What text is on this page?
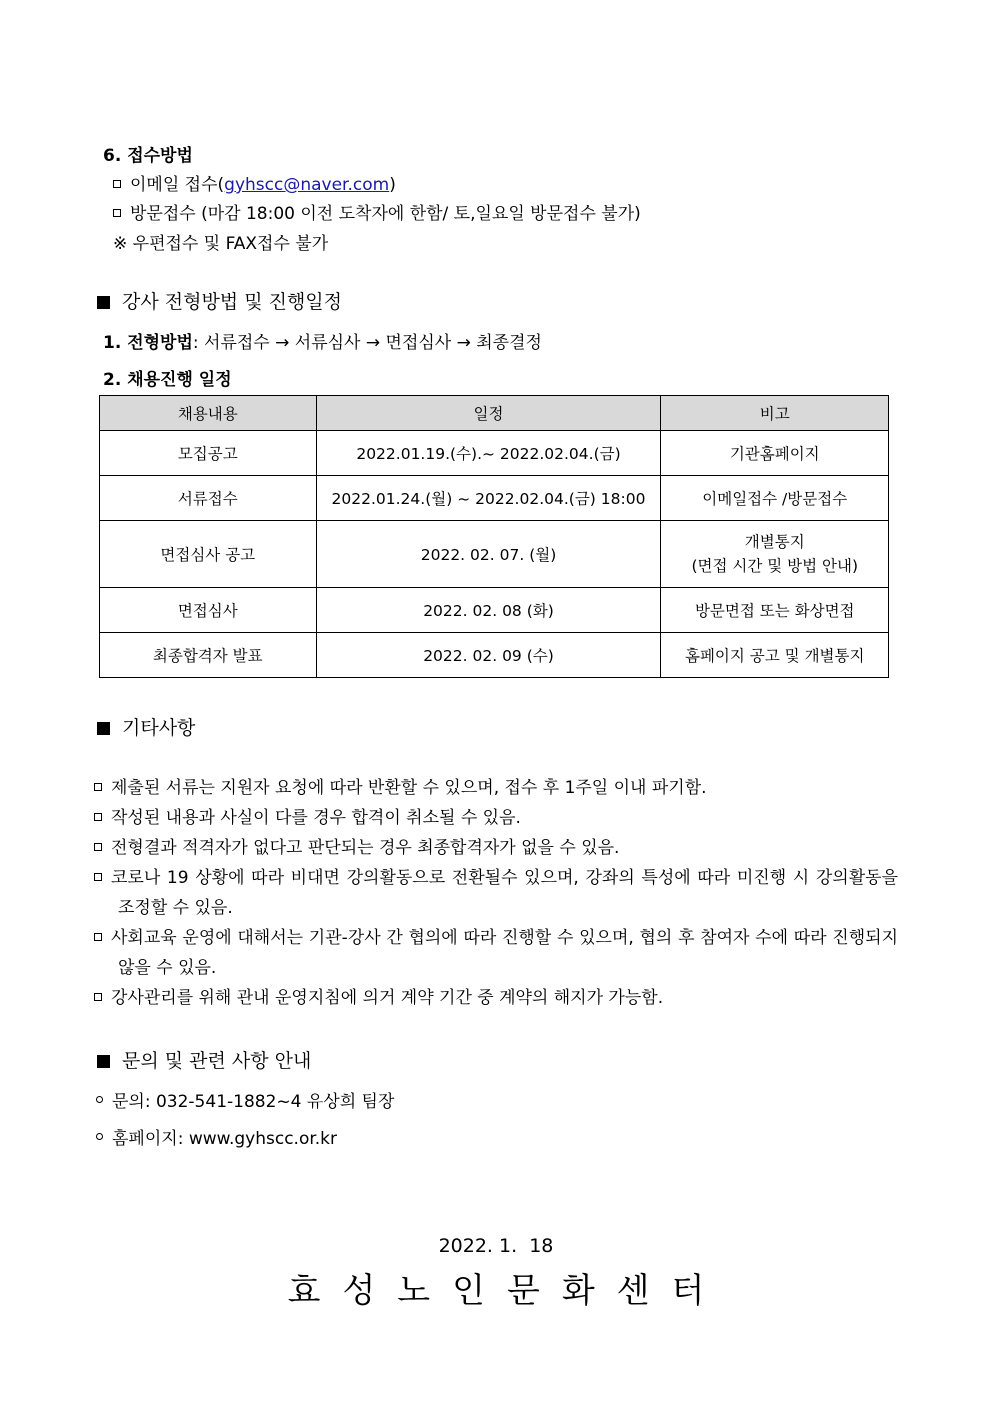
6. 접수방법
이메일 접수(gyhscc@naver.com)
방문접수 (마감 18:00 이전 도착자에 한함/ 토,일요일 방문접수 불가)
※ 우편접수 및 FAX접수 불가
강사 전형방법 및 진행일정
1. 전형방법: 서류접수 → 서류심사 → 면접심사 → 최종결정
2. 채용진행 일정
채용내용	일정	비고
모집공고	2022.01.19.(수).~ 2022.02.04.(금)	기관홈페이지
서류접수	2022.01.24.(월) ~ 2022.02.04.(금) 18:00	이메일접수 /방문접수
면접심사 공고	2022. 02. 07. (월)	개별통지
(면접 시간 및 방법 안내)

면접심사	2022. 02. 08 (화)	방문면접 또는 화상면접
최종합격자 발표	2022. 02. 09 (수)	홈페이지 공고 및 개별통지
기타사항
제출된 서류는 지원자 요청에 따라 반환할 수 있으며, 접수 후 1주일 이내 파기함.
작성된 내용과 사실이 다를 경우 합격이 취소될 수 있음.
전형결과 적격자가 없다고 판단되는 경우 최종합격자가 없을 수 있음.
코로나 19 상황에 따라 비대면 강의활동으로 전환될수 있으며, 강좌의 특성에 따라 미진행 시 강의활동을 조정할 수 있음.
사회교육 운영에 대해서는 기관-강사 간 협의에 따라 진행할 수 있으며, 협의 후 참여자 수에 따라 진행되지 않을 수 있음.
강사관리를 위해 관내 운영지침에 의거 계약 기간 중 계약의 해지가 가능함.
문의 및 관련 사항 안내
문의: 032-541-1882~4 유상희 팀장
홈페이지: www.gyhscc.or.kr
2022. 1.  18
효성노인문화센터
